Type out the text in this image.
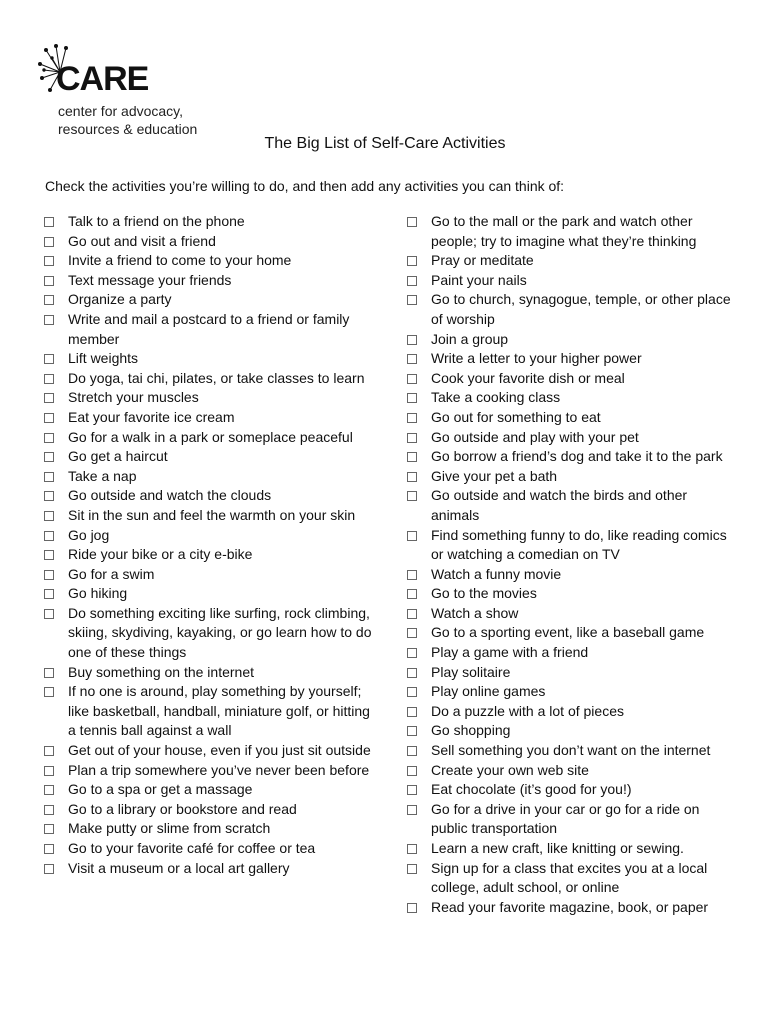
CARE
center for advocacy,
resources & education
The Big List of Self-Care Activities
Check the activities you’re willing to do, and then add any activities you can think of:
Talk to a friend on the phone
Go out and visit a friend
Invite a friend to come to your home
Text message your friends
Organize a party
Write and mail a postcard to a friend or family member
Lift weights
Do yoga, tai chi, pilates, or take classes to learn
Stretch your muscles
Eat your favorite ice cream
Go for a walk in a park or someplace peaceful
Go get a haircut
Take a nap
Go outside and watch the clouds
Sit in the sun and feel the warmth on your skin
Go jog
Ride your bike or a city e-bike
Go for a swim
Go hiking
Do something exciting like surfing, rock climbing, skiing, skydiving, kayaking, or go learn how to do one of these things
Buy something on the internet
If no one is around, play something by yourself; like basketball, handball, miniature golf, or hitting a tennis ball against a wall
Get out of your house, even if you just sit outside
Plan a trip somewhere you’ve never been before
Go to a spa or get a massage
Go to a library or bookstore and read
Make putty or slime from scratch
Go to your favorite café for coffee or tea
Visit a museum or a local art gallery
Go to the mall or the park and watch other people; try to imagine what they’re thinking
Pray or meditate
Paint your nails
Go to church, synagogue, temple, or other place of worship
Join a group
Write a letter to your higher power
Cook your favorite dish or meal
Take a cooking class
Go out for something to eat
Go outside and play with your pet
Go borrow a friend’s dog and take it to the park
Give your pet a bath
Go outside and watch the birds and other animals
Find something funny to do, like reading comics or watching a comedian on TV
Watch a funny movie
Go to the movies
Watch a show
Go to a sporting event, like a baseball game
Play a game with a friend
Play solitaire
Play online games
Do a puzzle with a lot of pieces
Go shopping
Sell something you don’t want on the internet
Create your own web site
Eat chocolate (it’s good for you!)
Go for a drive in your car or go for a ride on public transportation
Learn a new craft, like knitting or sewing.
Sign up for a class that excites you at a local college, adult school, or online
Read your favorite magazine, book, or paper
